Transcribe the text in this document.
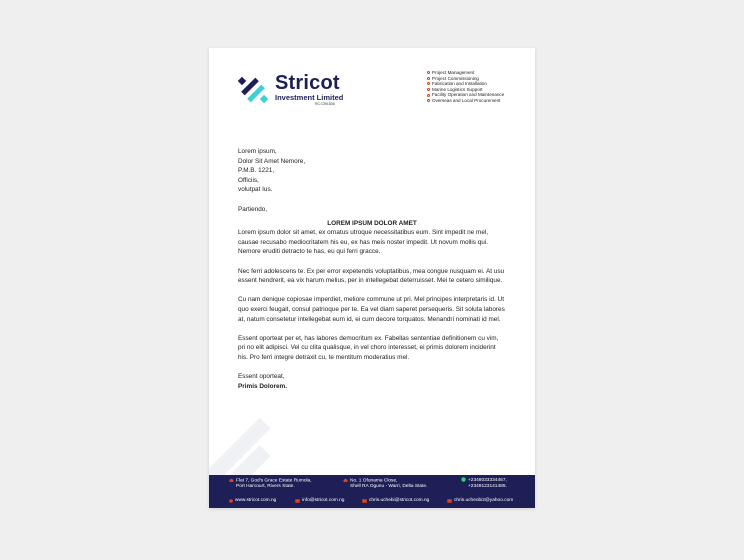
Stricot
Investment Limited
RC:1391836
Project Management
Project Commissioning
Fabrication and Installation
Marine Logistics Support
Facility Operation and Maintenance
Overseas and Local Procurement
Lorem ipsum,
Dolor Sit Amet Nemore,
P.M.B. 1221,
Officiis,
volutpat Ius.
Partiendo,
LOREM IPSUM DOLOR AMET

Lorem ipsum dolor sit amet, ex ornatus utroque necessitatibus eum. Sint impedit ne mel, causae recusabo mediocritatem his eu, ex has meis noster impedit. Ut novum mollis qui. Nemore eruditi detracto te has, eu qui ferri gracce.

Nec ferri adolescens te. Ex per error expetendis voluptatibus, mea congue nusquam ei. At usu essent hendrerit, ea vix harum melius, per in intellegebat deterruisset. Mei te cetero similique.

Cu nam denique copiosae imperdiet, meliore commune ut pri. Mel principes interpretaris id. Ut quo exerci feugait, consul patrioque per te. Ea vel diam saperet persequeris. Sit soluta labores at, natum consetetur intellegebat eum id, ei cum decore torquatos. Menandri nominati id mel.

Essent oporteat per et, has labores democritum ex. Fabellas sententiae definitionem cu vim, pri no elit adipisci. Vel cu clita qualisque, in vel choro interesset, ei primis dolorem inciderint his. Pro ferri integre detraxit cu, te mentitum moderatius mel.

Essent oporteat,
Primis Dolorem.
Flat 7, God's Grace Estate Rumola,
Port Harcourt, Rivers State.
No. 1 Ofunama Close,
Shell RA Ogunu - Warri, Delta State.
+2348033334467,
+2349123141485.
www.stricot.com.ng	info@stricot.com.ng	chris.uchebi@stricot.com.ng	chris.ucheobi2@yahoo.com
